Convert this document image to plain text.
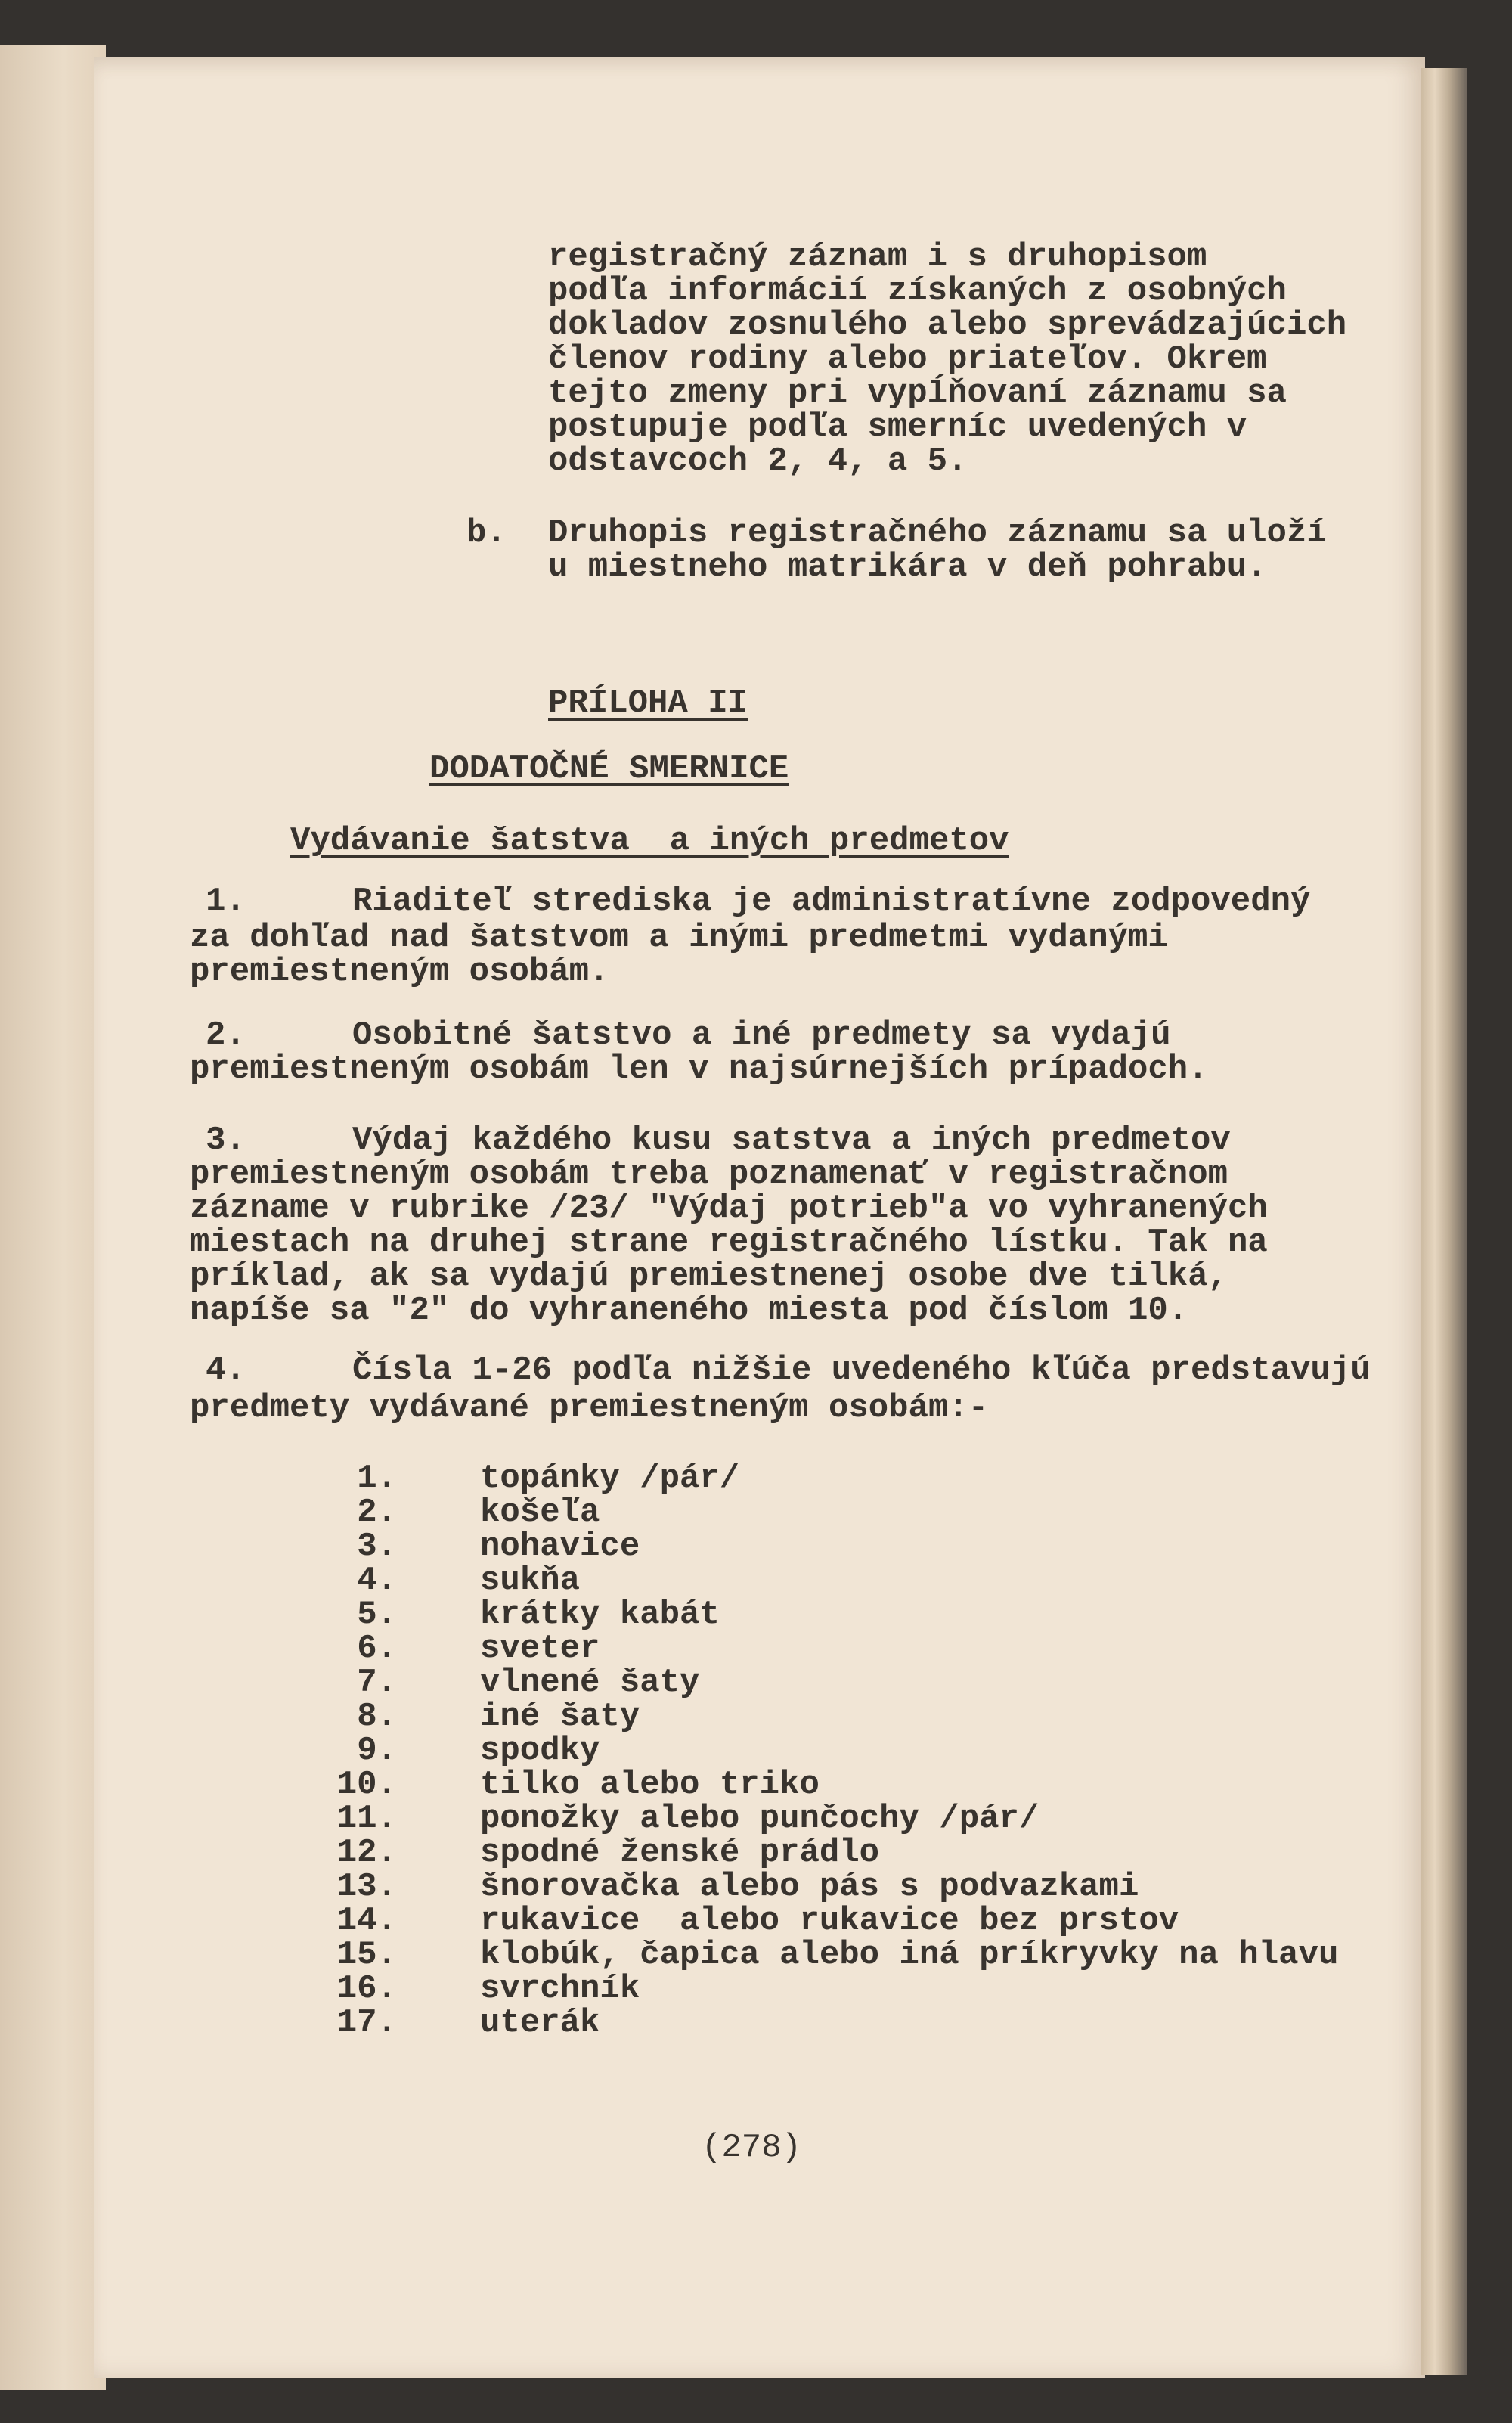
registračný záznam i s druhopisom
podľa informácií získaných z osobných
dokladov zosnulého alebo sprevádzajúcich
členov rodiny alebo priateľov. Okrem
tejto zmeny pri vypĺňovaní záznamu sa
postupuje podľa smerníc uvedených v
odstavcoch 2, 4, a 5.
b. Druhopis registračného záznamu sa uloží
u miestneho matrikára v deň pohrabu.
PRÍLOHA II
DODATOČNÉ SMERNICE
Vydávanie šatstva  a iných predmetov
1.	Riaditeľ strediska je administratívne zodpovedný
za dohľad nad šatstvom a inými predmetmi vydanými
premiestneným osobám.
2.	Osobitné šatstvo a iné predmety sa vydajú
premiestneným osobám len v najsúrnejších prípadoch.
3.	Výdaj každého kusu satstva a iných predmetov
premiestneným osobám treba poznamenať v registračnom
zázname v rubrike /23/ "Výdaj potrieb"a vo vyhranených
miestach na druhej strane registračného lístku. Tak na
príklad, ak sa vydajú premiestnenej osobe dve tilká,
napíše sa "2" do vyhraneného miesta pod číslom 10.
4.	Čísla 1-26 podľa nižšie uvedeného kľúča predstavujú
predmety vydávané premiestneným osobám:-
1.	topánky /pár/
2.	košeľa
3.	nohavice
4.	sukňa
5.	krátky kabát
6.	sveter
7.	vlnené šaty
8.	iné šaty
9.	spodky
10.	tilko alebo triko
11.	ponožky alebo punčochy /pár/
12.	spodné ženské prádlo
13.	šnorovačka alebo pás s podvazkami
14.	rukavice  alebo rukavice bez prstov
15.	klobúk, čapica alebo iná príkryvky na hlavu
16.	svrchník
17.	uterák
(278)
